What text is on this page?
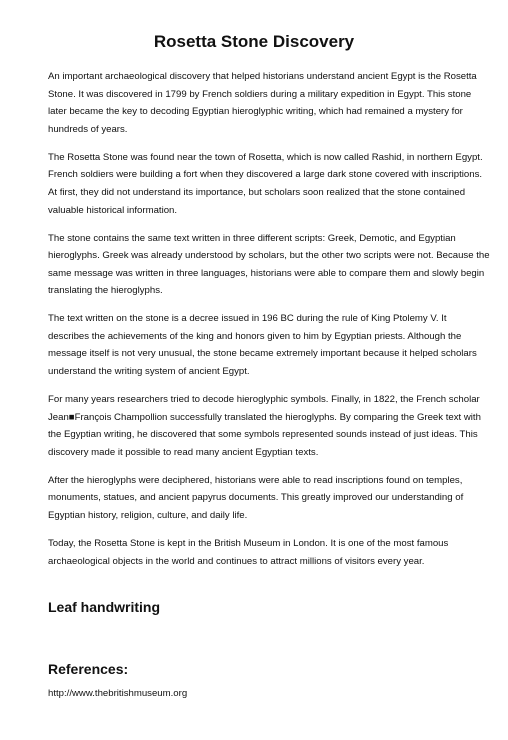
Rosetta Stone Discovery

An important archaeological discovery that helped historians understand ancient Egypt is the Rosetta Stone. It was discovered in 1799 by French soldiers during a military expedition in Egypt. This stone later became the key to decoding Egyptian hieroglyphic writing, which had remained a mystery for hundreds of years.

The Rosetta Stone was found near the town of Rosetta, which is now called Rashid, in northern Egypt. French soldiers were building a fort when they discovered a large dark stone covered with inscriptions. At first, they did not understand its importance, but scholars soon realized that the stone contained valuable historical information.

The stone contains the same text written in three different scripts: Greek, Demotic, and Egyptian hieroglyphs. Greek was already understood by scholars, but the other two scripts were not. Because the same message was written in three languages, historians were able to compare them and slowly begin translating the hieroglyphs.

The text written on the stone is a decree issued in 196 BC during the rule of King Ptolemy V. It describes the achievements of the king and honors given to him by Egyptian priests. Although the message itself is not very unusual, the stone became extremely important because it helped scholars understand the writing system of ancient Egypt.

For many years researchers tried to decode hieroglyphic symbols. Finally, in 1822, the French scholar Jean■François Champollion successfully translated the hieroglyphs. By comparing the Greek text with the Egyptian writing, he discovered that some symbols represented sounds instead of just ideas. This discovery made it possible to read many ancient Egyptian texts.

After the hieroglyphs were deciphered, historians were able to read inscriptions found on temples, monuments, statues, and ancient papyrus documents. This greatly improved our understanding of Egyptian history, religion, culture, and daily life.

Today, the Rosetta Stone is kept in the British Museum in London. It is one of the most famous archaeological objects in the world and continues to attract millions of visitors every year.

Leaf handwriting
References:
http://www.thebritishmuseum.org
